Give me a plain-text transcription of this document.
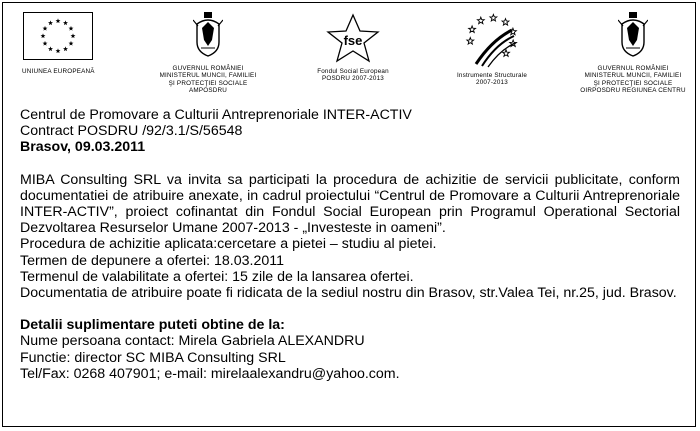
UNIUNEA EUROPEANĂ	GUVERNUL ROMÂNIEI
MINISTERUL MUNCII, FAMILIEI
ŞI PROTECŢIEI SOCIALE
AMPOSDRU
fse
Fondul Social European
POSDRU 2007-2013	Instrumente Structurale
2007-2013
GUVERNUL ROMÂNIEI
MINISTERUL MUNCII, FAMILIEI
ŞI PROTECŢIEI SOCIALE
OIRPOSDRU REGIUNEA CENTRU

Centrul de Promovare a Culturii Antreprenoriale INTER-ACTIV

Contract POSDRU /92/3.1/S/56548

Brasov, 09.03.2011

MIBA Consulting SRL va invita sa participati la procedura de achizitie de servicii publicitate, conform documentatiei de atribuire anexate, in cadrul proiectului “Centrul de Promovare a Culturii Antreprenoriale INTER-ACTIV”, proiect cofinantat din Fondul Social European prin Programul Operational Sectorial Dezvoltarea Resurselor Umane 2007-2013 - „Investeste in oameni”.

Procedura de achizitie aplicata:cercetare a pietei – studiu al pietei.

Termen de depunere a ofertei: 18.03.2011

Termenul de valabilitate a ofertei: 15 zile de la lansarea ofertei.

Documentatia de atribuire poate fi ridicata de la sediul nostru din Brasov, str.Valea Tei, nr.25, jud. Brasov.

Detalii suplimentare puteti obtine de la:

Nume persoana contact: Mirela Gabriela ALEXANDRU

Functie: director SC MIBA Consulting SRL

Tel/Fax: 0268 407901; e-mail: mirelaalexandru@yahoo.com.
